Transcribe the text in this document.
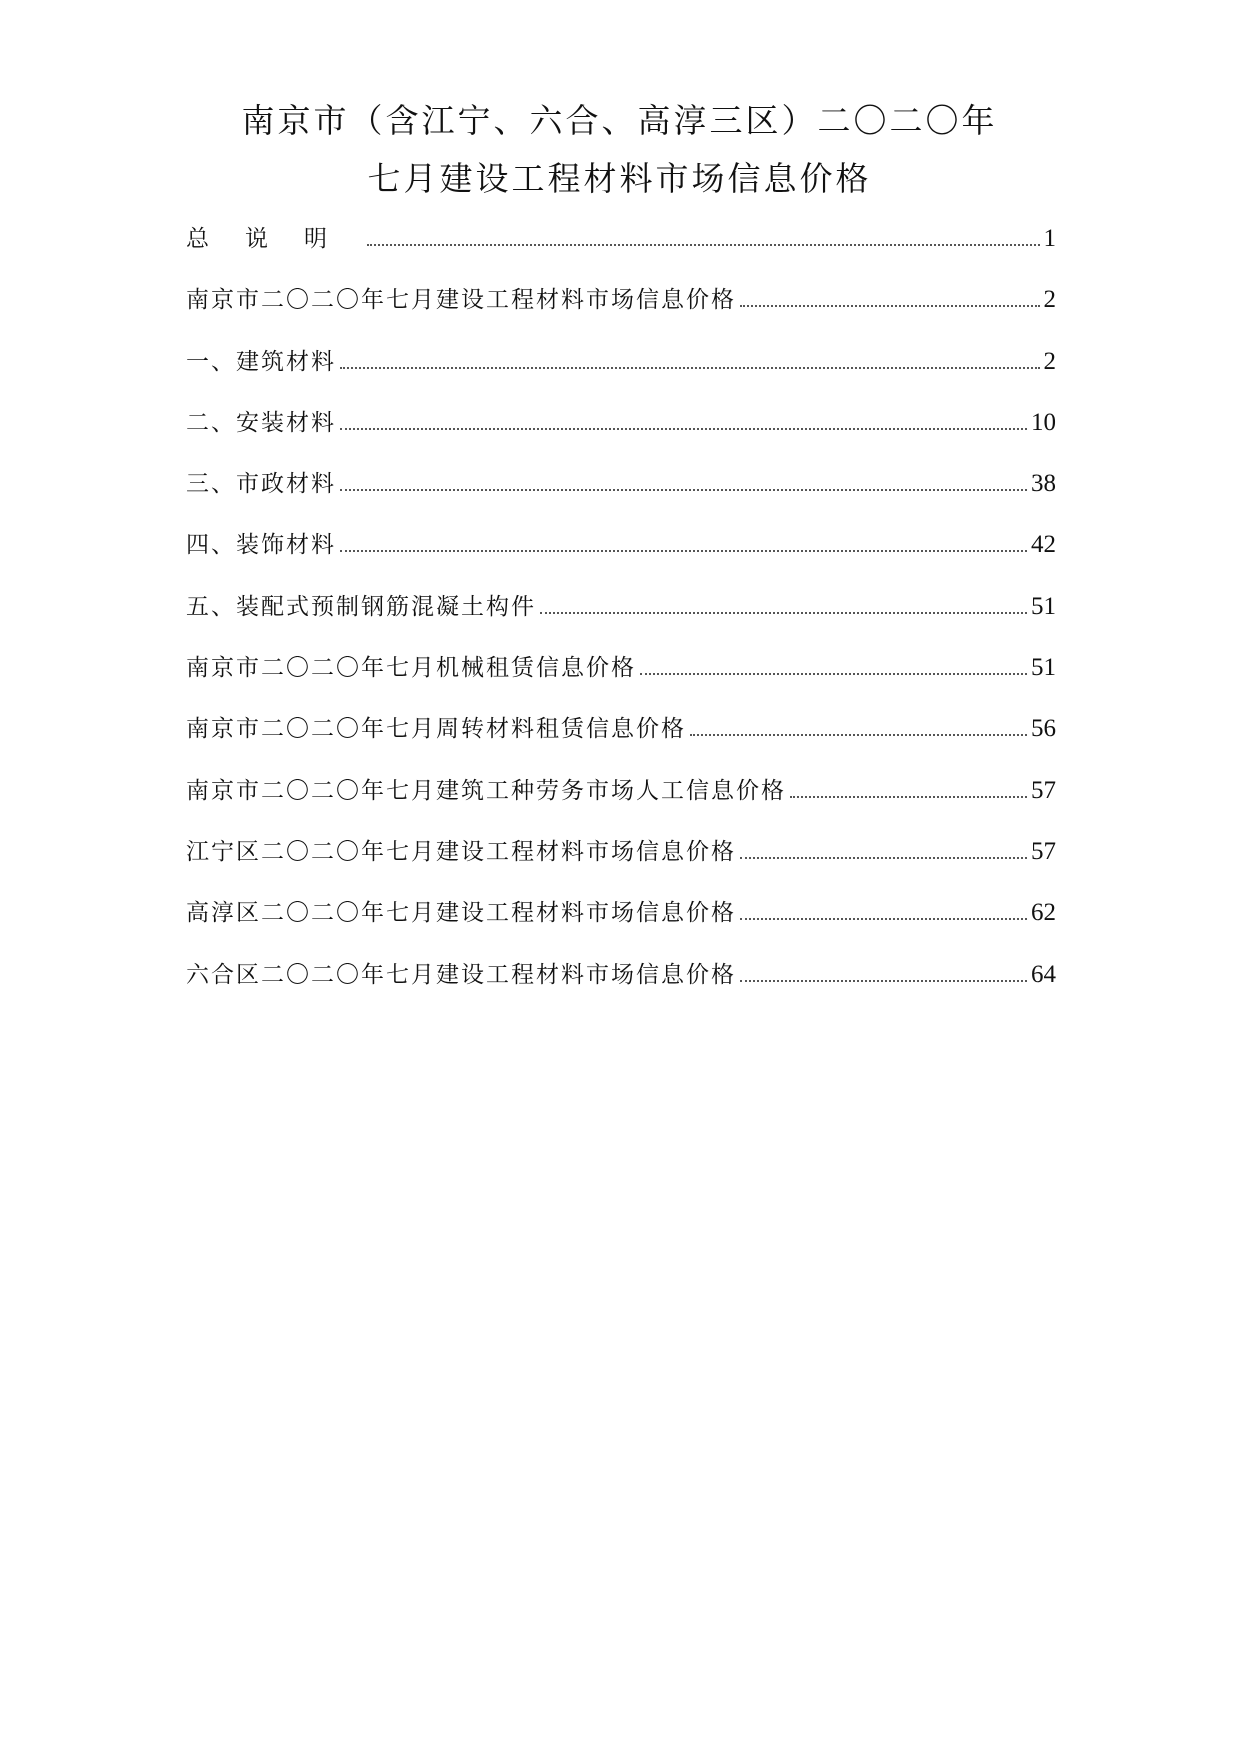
南京市（含江宁、六合、高淳三区）二〇二〇年
七月建设工程材料市场信息价格
总说明	1
南京市二〇二〇年七月建设工程材料市场信息价格	2
一、建筑材料	2
二、安装材料	10
三、市政材料	38
四、装饰材料	42
五、装配式预制钢筋混凝土构件	51
南京市二〇二〇年七月机械租赁信息价格	51
南京市二〇二〇年七月周转材料租赁信息价格	56
南京市二〇二〇年七月建筑工种劳务市场人工信息价格	57
江宁区二〇二〇年七月建设工程材料市场信息价格	57
高淳区二〇二〇年七月建设工程材料市场信息价格	62
六合区二〇二〇年七月建设工程材料市场信息价格	64
